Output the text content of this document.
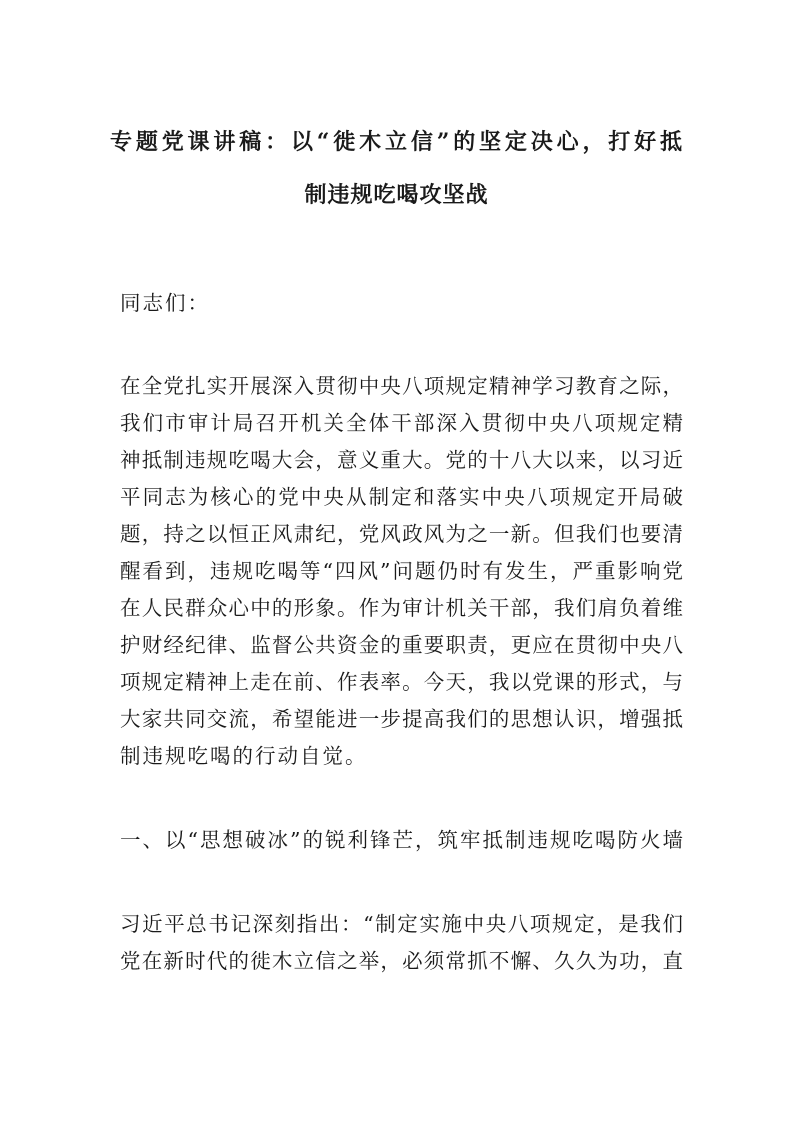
专题党课讲稿：以“徙木立信”的坚定决心，打好抵
制违规吃喝攻坚战
同志们：
在全党扎实开展深入贯彻中央八项规定精神学习教育之际，
我们市审计局召开机关全体干部深入贯彻中央八项规定精
神抵制违规吃喝大会，意义重大。党的十八大以来，以习近
平同志为核心的党中央从制定和落实中央八项规定开局破
题，持之以恒正风肃纪，党风政风为之一新。但我们也要清
醒看到，违规吃喝等“四风”问题仍时有发生，严重影响党
在人民群众心中的形象。作为审计机关干部，我们肩负着维
护财经纪律、监督公共资金的重要职责，更应在贯彻中央八
项规定精神上走在前、作表率。今天，我以党课的形式，与
大家共同交流，希望能进一步提高我们的思想认识，增强抵
制违规吃喝的行动自觉。
一、以“思想破冰”的锐利锋芒，筑牢抵制违规吃喝防火墙
习近平总书记深刻指出：“制定实施中央八项规定，是我们
党在新时代的徙木立信之举，必须常抓不懈、久久为功，直
